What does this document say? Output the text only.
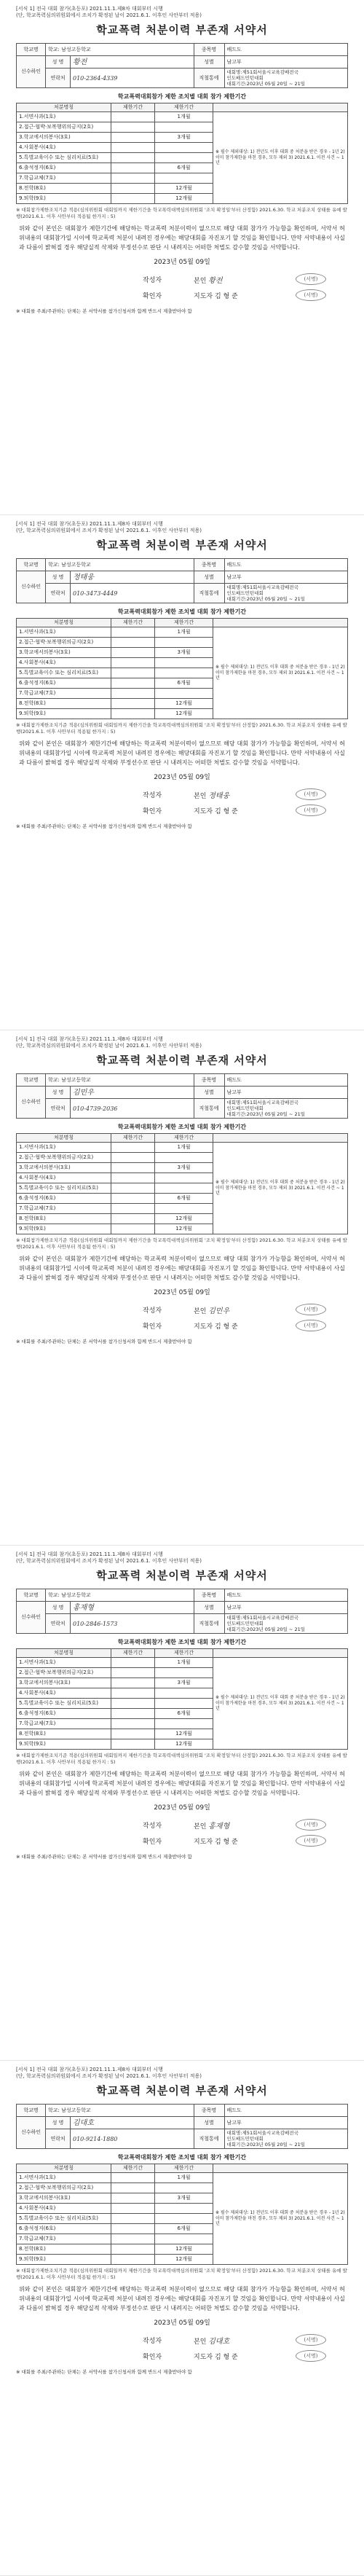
[서식 1] 전국 대회 참가(초등포) 2021.11.1.제8차 대회부터 시행
(단, 학교폭력심의위원회에서 조치가 확정된 날이 2021.6.1. 이후인 사안부터 적용)
학교폭력 처분이력 부존재 서약서
학교명	학교: 남성고등학교		종목명	배드도
신수하인	성 명	황전	성별	남고부
	연락처	010-2364-4339	직철통에	대회명:제51회서울시교육감배전국
인도배드민턴대회
대회기간:2023년 05월 20일 ~ 21일
학교폭력대회참가 제한 조치별 대회 참가 제한기간
처분명칭	제한기간	제한기간	
1.서면사과(1호)		1개월	※ 필수 제외대상: 1) 전년도 이후 대회 중 처분을 받은 경우 - 1년 2) 이미 참가제한을 마친 경우, 모두 제외 3) 2021.6.1. 이전 사건 ~ 1년
2.접근·협박·보복행위의금지(2호)			
3.학교에서의봉사(3호)		3개월	
4.사회봉사(4호)			
5.특별교육이수 또는 심리치료(5호)			
6.출석정지(6호)		6개월	
7.학급교체(7호)			
8.전학(8호)		12개월	
9.퇴학(9호)		12개월	
※ 대회참가제한조치기준 적용(심의위원회 대회일까지 제한기간을 학교폭력대책심의위원회 '조치 확정일'부터 산정함) 2021.6.30. 학교 처분조치 상태를 유예 발행(2021.6.1. 이후 사안부터 적용됨 한가지 : 5)
위와 같이 본인은 대회참가 제한기간에 해당하는 학교폭력 처분이력이 없으므로 해당 대회 참가가 가능함을 확인하며, 서약서 허위내용의 대회참가일 시이에 학교폭력 처분이 내려진 경우에는 해당대회를 자진포기 할 것임을 확인합니다. 만약 서약내용이 사실과 다름이 밝혀질 경우 해당실적 삭제와 부정선수로 판단 시 내려지는 어떠한 처벌도 감수할 것임을 서약합니다.
2023년 05월 09일
작성자	본인 황전	(서명)
확인자	지도자 김 형 준	(서명)
※ 대회를 주최/주관하는 단체는 본 서약서를 참가신청서와 함께 반드시 제출받아야 함
[서식 1] 전국 대회 참가(초등포) 2021.11.1.제8차 대회부터 시행
(단, 학교폭력심의위원회에서 조치가 확정된 날이 2021.6.1. 이후인 사안부터 적용)
학교폭력 처분이력 부존재 서약서
학교명	학교: 남성고등학교		종목명	배드도
신수하인	성 명	정태웅	성별	남고부
	연락처	010-3473-4449	직철통에	대회명:제51회서울시교육감배전국
인도배드민턴대회
대회기간:2023년 05월 20일 ~ 21일
학교폭력대회참가 제한 조치별 대회 참가 제한기간
처분명칭	제한기간	제한기간	
1.서면사과(1호)		1개월	※ 필수 제외대상: 1) 전년도 이후 대회 중 처분을 받은 경우 - 1년 2) 이미 참가제한을 마친 경우, 모두 제외 3) 2021.6.1. 이전 사건 ~ 1년
2.접근·협박·보복행위의금지(2호)			
3.학교에서의봉사(3호)		3개월	
4.사회봉사(4호)			
5.특별교육이수 또는 심리치료(5호)			
6.출석정지(6호)		6개월	
7.학급교체(7호)			
8.전학(8호)		12개월	
9.퇴학(9호)		12개월	
※ 대회참가제한조치기준 적용(심의위원회 대회일까지 제한기간을 학교폭력대책심의위원회 '조치 확정일'부터 산정함) 2021.6.30. 학교 처분조치 상태를 유예 발행(2021.6.1. 이후 사안부터 적용됨 한가지 : 5)
위와 같이 본인은 대회참가 제한기간에 해당하는 학교폭력 처분이력이 없으므로 해당 대회 참가가 가능함을 확인하며, 서약서 허위내용의 대회참가일 시이에 학교폭력 처분이 내려진 경우에는 해당대회를 자진포기 할 것임을 확인합니다. 만약 서약내용이 사실과 다름이 밝혀질 경우 해당실적 삭제와 부정선수로 판단 시 내려지는 어떠한 처벌도 감수할 것임을 서약합니다.
2023년 05월 09일
작성자	본인 정태웅	(서명)
확인자	지도자 김 형 준	(서명)
※ 대회를 주최/주관하는 단체는 본 서약서를 참가신청서와 함께 반드시 제출받아야 함
[서식 1] 전국 대회 참가(초등포) 2021.11.1.제8차 대회부터 시행
(단, 학교폭력심의위원회에서 조치가 확정된 날이 2021.6.1. 이후인 사안부터 적용)
학교폭력 처분이력 부존재 서약서
학교명	학교: 남성고등학교		종목명	배드도
신수하인	성 명	김민우	성별	남고부
	연락처	010-4739-2036	직철통에	대회명:제51회서울시교육감배전국
인도배드민턴대회
대회기간:2023년 05월 20일 ~ 21일
학교폭력대회참가 제한 조치별 대회 참가 제한기간
처분명칭	제한기간	제한기간	
1.서면사과(1호)		1개월	※ 필수 제외대상: 1) 전년도 이후 대회 중 처분을 받은 경우 - 1년 2) 이미 참가제한을 마친 경우, 모두 제외 3) 2021.6.1. 이전 사건 ~ 1년
2.접근·협박·보복행위의금지(2호)			
3.학교에서의봉사(3호)		3개월	
4.사회봉사(4호)			
5.특별교육이수 또는 심리치료(5호)			
6.출석정지(6호)		6개월	
7.학급교체(7호)			
8.전학(8호)		12개월	
9.퇴학(9호)		12개월	
※ 대회참가제한조치기준 적용(심의위원회 대회일까지 제한기간을 학교폭력대책심의위원회 '조치 확정일'부터 산정함) 2021.6.30. 학교 처분조치 상태를 유예 발행(2021.6.1. 이후 사안부터 적용됨 한가지 : 5)
위와 같이 본인은 대회참가 제한기간에 해당하는 학교폭력 처분이력이 없으므로 해당 대회 참가가 가능함을 확인하며, 서약서 허위내용의 대회참가일 시이에 학교폭력 처분이 내려진 경우에는 해당대회를 자진포기 할 것임을 확인합니다. 만약 서약내용이 사실과 다름이 밝혀질 경우 해당실적 삭제와 부정선수로 판단 시 내려지는 어떠한 처벌도 감수할 것임을 서약합니다.
2023년 05월 09일
작성자	본인 김민우	(서명)
확인자	지도자 김 형 준	(서명)
※ 대회를 주최/주관하는 단체는 본 서약서를 참가신청서와 함께 반드시 제출받아야 함
[서식 1] 전국 대회 참가(초등포) 2021.11.1.제8차 대회부터 시행
(단, 학교폭력심의위원회에서 조치가 확정된 날이 2021.6.1. 이후인 사안부터 적용)
학교폭력 처분이력 부존재 서약서
학교명	학교: 남성고등학교		종목명	배드도
신수하인	성 명	홍재형	성별	남고부
	연락처	010-2846-1573	직철통에	대회명:제51회서울시교육감배전국
인도배드민턴대회
대회기간:2023년 05월 20일 ~ 21일
학교폭력대회참가 제한 조치별 대회 참가 제한기간
처분명칭	제한기간	제한기간	
1.서면사과(1호)		1개월	※ 필수 제외대상: 1) 전년도 이후 대회 중 처분을 받은 경우 - 1년 2) 이미 참가제한을 마친 경우, 모두 제외 3) 2021.6.1. 이전 사건 ~ 1년
2.접근·협박·보복행위의금지(2호)			
3.학교에서의봉사(3호)		3개월	
4.사회봉사(4호)			
5.특별교육이수 또는 심리치료(5호)			
6.출석정지(6호)		6개월	
7.학급교체(7호)			
8.전학(8호)		12개월	
9.퇴학(9호)		12개월	
※ 대회참가제한조치기준 적용(심의위원회 대회일까지 제한기간을 학교폭력대책심의위원회 '조치 확정일'부터 산정함) 2021.6.30. 학교 처분조치 상태를 유예 발행(2021.6.1. 이후 사안부터 적용됨 한가지 : 5)
위와 같이 본인은 대회참가 제한기간에 해당하는 학교폭력 처분이력이 없으므로 해당 대회 참가가 가능함을 확인하며, 서약서 허위내용의 대회참가일 시이에 학교폭력 처분이 내려진 경우에는 해당대회를 자진포기 할 것임을 확인합니다. 만약 서약내용이 사실과 다름이 밝혀질 경우 해당실적 삭제와 부정선수로 판단 시 내려지는 어떠한 처벌도 감수할 것임을 서약합니다.
2023년 05월 09일
작성자	본인 홍재형	(서명)
확인자	지도자 김 형 준	(서명)
※ 대회를 주최/주관하는 단체는 본 서약서를 참가신청서와 함께 반드시 제출받아야 함
[서식 1] 전국 대회 참가(초등포) 2021.11.1.제8차 대회부터 시행
(단, 학교폭력심의위원회에서 조치가 확정된 날이 2021.6.1. 이후인 사안부터 적용)
학교폭력 처분이력 부존재 서약서
학교명	학교: 남성고등학교		종목명	배드도
신수하인	성 명	김대호	성별	남고부
	연락처	010-9214-1880	직철통에	대회명:제51회서울시교육감배전국
인도배드민턴대회
대회기간:2023년 05월 20일 ~ 21일
학교폭력대회참가 제한 조치별 대회 참가 제한기간
처분명칭	제한기간	제한기간	
1.서면사과(1호)		1개월	※ 필수 제외대상: 1) 전년도 이후 대회 중 처분을 받은 경우 - 1년 2) 이미 참가제한을 마친 경우, 모두 제외 3) 2021.6.1. 이전 사건 ~ 1년
2.접근·협박·보복행위의금지(2호)			
3.학교에서의봉사(3호)		3개월	
4.사회봉사(4호)			
5.특별교육이수 또는 심리치료(5호)			
6.출석정지(6호)		6개월	
7.학급교체(7호)			
8.전학(8호)		12개월	
9.퇴학(9호)		12개월	
※ 대회참가제한조치기준 적용(심의위원회 대회일까지 제한기간을 학교폭력대책심의위원회 '조치 확정일'부터 산정함) 2021.6.30. 학교 처분조치 상태를 유예 발행(2021.6.1. 이후 사안부터 적용됨 한가지 : 5)
위와 같이 본인은 대회참가 제한기간에 해당하는 학교폭력 처분이력이 없으므로 해당 대회 참가가 가능함을 확인하며, 서약서 허위내용의 대회참가일 시이에 학교폭력 처분이 내려진 경우에는 해당대회를 자진포기 할 것임을 확인합니다. 만약 서약내용이 사실과 다름이 밝혀질 경우 해당실적 삭제와 부정선수로 판단 시 내려지는 어떠한 처벌도 감수할 것임을 서약합니다.
2023년 05월 09일
작성자	본인 김대호	(서명)
확인자	지도자 김 형 준	(서명)
※ 대회를 주최/주관하는 단체는 본 서약서를 참가신청서와 함께 반드시 제출받아야 함
